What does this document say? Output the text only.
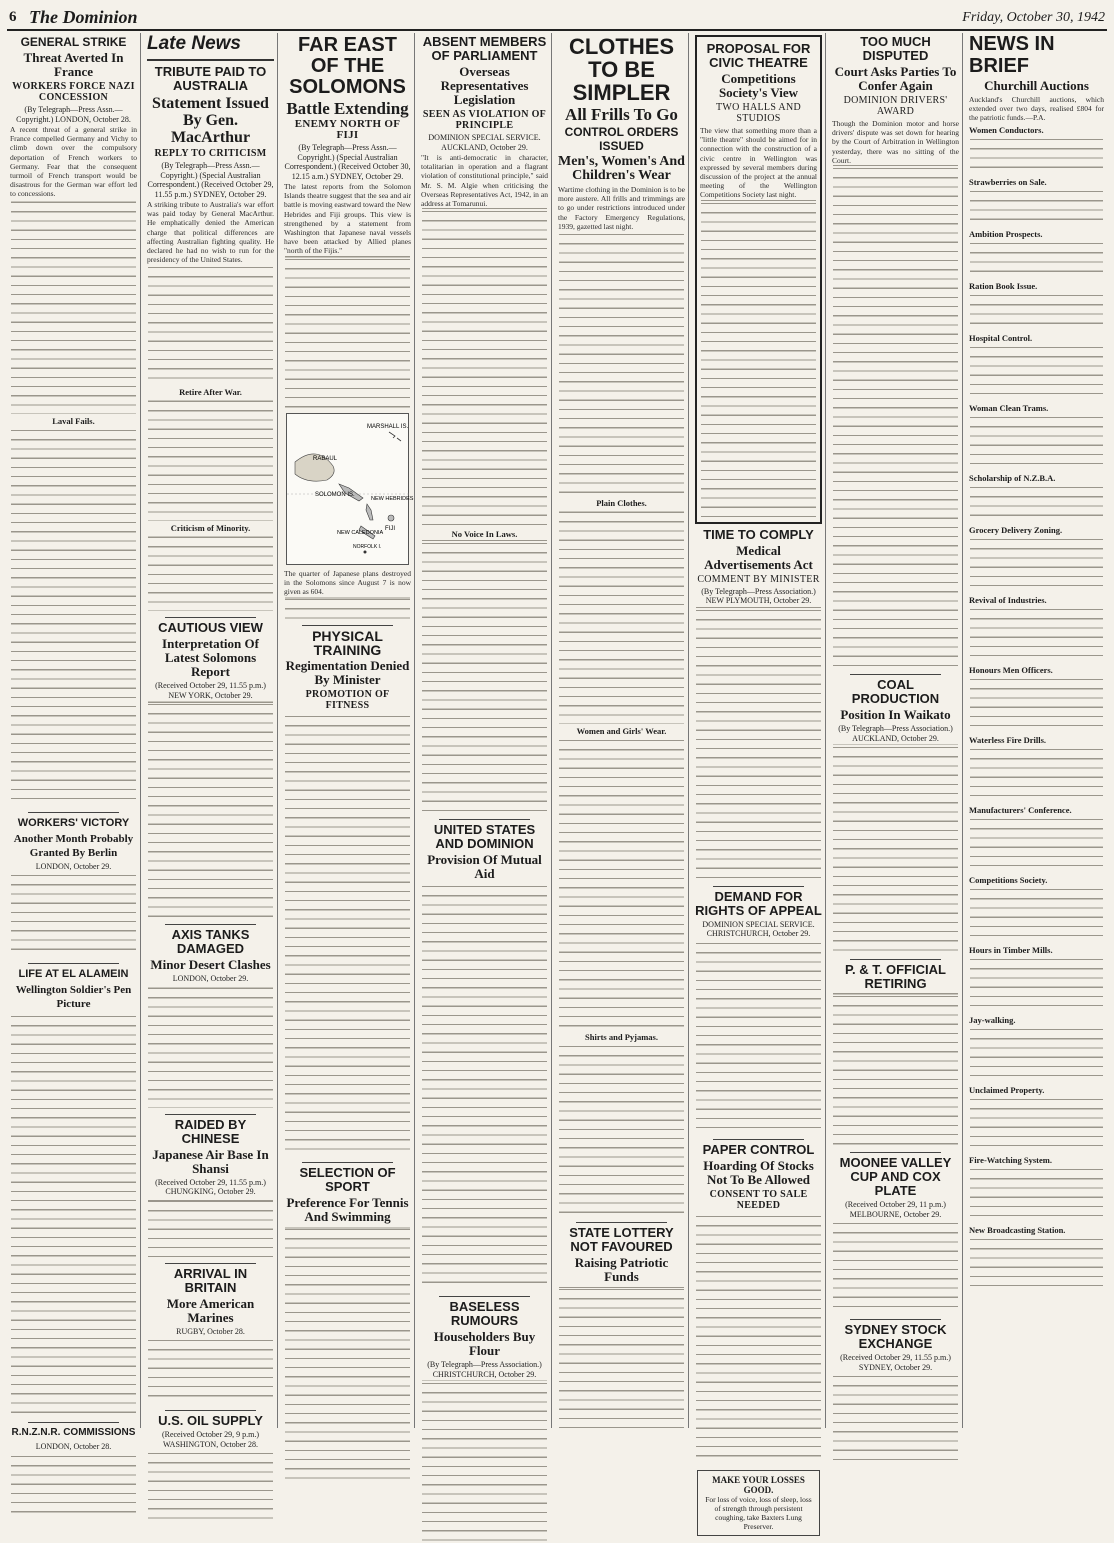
6 The Dominion	Friday, October 30, 1942
GENERAL STRIKE
Threat Averted In France
WORKERS FORCE NAZI CONCESSION
(By Telegraph—Press Assn.—Copyright.) LONDON, October 28.

A recent threat of a general strike in France compelled Germany and Vichy to climb down over the compulsory deportation of French workers to Germany. Fear that the consequent turmoil of French transport would be disastrous for the German war effort led to concessions.

Laval Fails.
WORKERS' VICTORY
Another Month Probably Granted By Berlin
LONDON, October 29.
LIFE AT EL ALAMEIN
Wellington Soldier's Pen Picture
R.N.Z.N.R. COMMISSIONS
LONDON, October 28.
Late News
TRIBUTE PAID TO AUSTRALIA
Statement Issued By Gen. MacArthur
REPLY TO CRITICISM
(By Telegraph—Press Assn.—Copyright.) (Special Australian Correspondent.) (Received October 29, 11.55 p.m.) SYDNEY, October 29.

A striking tribute to Australia's war effort was paid today by General MacArthur. He emphatically denied the American charge that political differences are affecting Australian fighting quality. He declared he had no wish to run for the presidency of the United States.

Retire After War.
Criticism of Minority.
CAUTIOUS VIEW
Interpretation Of Latest Solomons Report
(Received October 29, 11.55 p.m.) NEW YORK, October 29.
AXIS TANKS DAMAGED
Minor Desert Clashes
LONDON, October 29.
RAIDED BY CHINESE
Japanese Air Base In Shansi
(Received October 29, 11.55 p.m.) CHUNGKING, October 29.
ARRIVAL IN BRITAIN
More American Marines
RUGBY, October 28.
U.S. OIL SUPPLY
(Received October 29, 9 p.m.) WASHINGTON, October 28.
FAR EAST OF THE SOLOMONS
Battle Extending
ENEMY NORTH OF FIJI
(By Telegraph—Press Assn.—Copyright.) (Special Australian Correspondent.) (Received October 30, 12.15 a.m.) SYDNEY, October 29.

The latest reports from the Solomon Islands theatre suggest that the sea and air battle is moving eastward toward the New Hebrides and Fiji groups. This view is strengthened by a statement from Washington that Japanese naval vessels have been attacked by Allied planes "north of the Fijis."

MARSHALL IS.
RABAUL
SOLOMON IS.
NEW HEBRIDES
NEW CALEDONIA
FIJI
NORFOLK I.

The quarter of Japanese plans destroyed in the Solomons since August 7 is now given as 604.

PHYSICAL TRAINING
Regimentation Denied By Minister
PROMOTION OF FITNESS
SELECTION OF SPORT
Preference For Tennis And Swimming
ABSENT MEMBERS OF PARLIAMENT
Overseas Representatives Legislation
SEEN AS VIOLATION OF PRINCIPLE
DOMINION SPECIAL SERVICE. AUCKLAND, October 29.

"It is anti-democratic in character, totalitarian in operation and a flagrant violation of constitutional principle," said Mr. S. M. Algie when criticising the Overseas Representatives Act, 1942, in an address at Tomarunui.

No Voice In Laws.
UNITED STATES AND DOMINION
Provision Of Mutual Aid
BASELESS RUMOURS
Householders Buy Flour
(By Telegraph—Press Association.) CHRISTCHURCH, October 29.
CLOTHES TO BE SIMPLER
All Frills To Go
CONTROL ORDERS ISSUED
Men's, Women's And Children's Wear

Wartime clothing in the Dominion is to be more austere. All frills and trimmings are to go under restrictions introduced under the Factory Emergency Regulations, 1939, gazetted last night.

Plain Clothes.
Women and Girls' Wear.
Shirts and Pyjamas.
STATE LOTTERY NOT FAVOURED
Raising Patriotic Funds
PROPOSAL FOR CIVIC THEATRE
Competitions Society's View
TWO HALLS AND STUDIOS

The view that something more than a "little theatre" should be aimed for in connection with the construction of a civic centre in Wellington was expressed by several members during discussion of the project at the annual meeting of the Wellington Competitions Society last night.

TIME TO COMPLY
Medical Advertisements Act
COMMENT BY MINISTER
(By Telegraph—Press Association.) NEW PLYMOUTH, October 29.
DEMAND FOR RIGHTS OF APPEAL
DOMINION SPECIAL SERVICE. CHRISTCHURCH, October 29.
PAPER CONTROL
Hoarding Of Stocks Not To Be Allowed
CONSENT TO SALE NEEDED
MAKE YOUR LOSSES GOOD.
For loss of voice, loss of sleep, loss of strength through persistent coughing, take Baxters Lung Preserver.
TOO MUCH DISPUTED
Court Asks Parties To Confer Again
DOMINION DRIVERS' AWARD

Though the Dominion motor and horse drivers' dispute was set down for hearing by the Court of Arbitration in Wellington yesterday, there was no sitting of the Court.

COAL PRODUCTION
Position In Waikato
(By Telegraph—Press Association.) AUCKLAND, October 29.
P. & T. OFFICIAL RETIRING
MOONEE VALLEY CUP AND COX PLATE
(Received October 29, 11 p.m.) MELBOURNE, October 29.
SYDNEY STOCK EXCHANGE
(Received October 29, 11.55 p.m.) SYDNEY, October 29.
NEWS IN BRIEF
Churchill Auctions

Auckland's Churchill auctions, which extended over two days, realised £804 for the patriotic funds.—P.A.

Women Conductors.
Strawberries on Sale.
Ambition Prospects.
Ration Book Issue.
Hospital Control.
Woman Clean Trams.
Scholarship of N.Z.B.A.
Grocery Delivery Zoning.
Revival of Industries.
Honours Men Officers.
Waterless Fire Drills.
Manufacturers' Conference.
Competitions Society.
Hours in Timber Mills.
Jay-walking.
Unclaimed Property.
Fire-Watching System.
New Broadcasting Station.
